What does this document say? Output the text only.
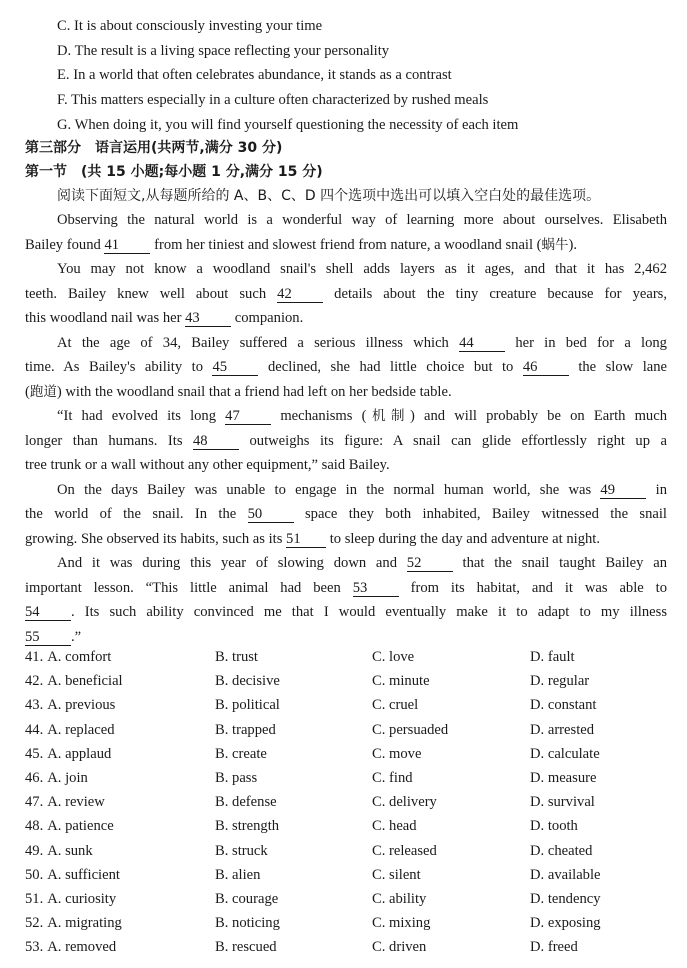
C. It is about consciously investing your time
D. The result is a living space reflecting your personality
E. In a world that often celebrates abundance, it stands as a contrast
F. This matters especially in a culture often characterized by rushed meals
G. When doing it, you will find yourself questioning the necessity of each item
第三部分　语言运用(共两节,满分 30 分)
第一节　(共 15 小题;每小题 1 分,满分 15 分)
阅读下面短文,从每题所给的 A、B、C、D 四个选项中选出可以填入空白处的最佳选项。
Observing the natural world is a wonderful way of learning more about ourselves. Elisabeth
Bailey found 41 from her tiniest and slowest friend from nature, a woodland snail (蜗牛).
You may not know a woodland snail's shell adds layers as it ages, and that it has 2,462
teeth. Bailey knew well about such 42 details about the tiny creature because for years,
this woodland nail was her 43 companion.
At the age of 34, Bailey suffered a serious illness which 44 her in bed for a long
time. As Bailey's ability to 45 declined, she had little choice but to 46 the slow lane
(跑道) with the woodland snail that a friend had left on her bedside table.
“It had evolved its long 47 mechanisms (机制) and will probably be on Earth much
longer than humans. Its 48 outweighs its figure: A snail can glide effortlessly right up a
tree trunk or a wall without any other equipment,” said Bailey.
On the days Bailey was unable to engage in the normal human world, she was 49 in
the world of the snail. In the 50 space they both inhabited, Bailey witnessed the snail
growing. She observed its habits, such as its 51 to sleep during the day and adventure at night.
And it was during this year of slowing down and 52 that the snail taught Bailey an
important lesson. “This little animal had been 53 from its habitat, and it was able to
54 . Its such ability convinced me that I would eventually make it to adapt to my illness
55 .”
41. A. comfort	B. trust	C. love	D. fault
42. A. beneficial	B. decisive	C. minute	D. regular
43. A. previous	B. political	C. cruel	D. constant
44. A. replaced	B. trapped	C. persuaded	D. arrested
45. A. applaud	B. create	C. move	D. calculate
46. A. join	B. pass	C. find	D. measure
47. A. review	B. defense	C. delivery	D. survival
48. A. patience	B. strength	C. head	D. tooth
49. A. sunk	B. struck	C. released	D. cheated
50. A. sufficient	B. alien	C. silent	D. available
51. A. curiosity	B. courage	C. ability	D. tendency
52. A. migrating	B. noticing	C. mixing	D. exposing
53. A. removed	B. rescued	C. driven	D. freed
